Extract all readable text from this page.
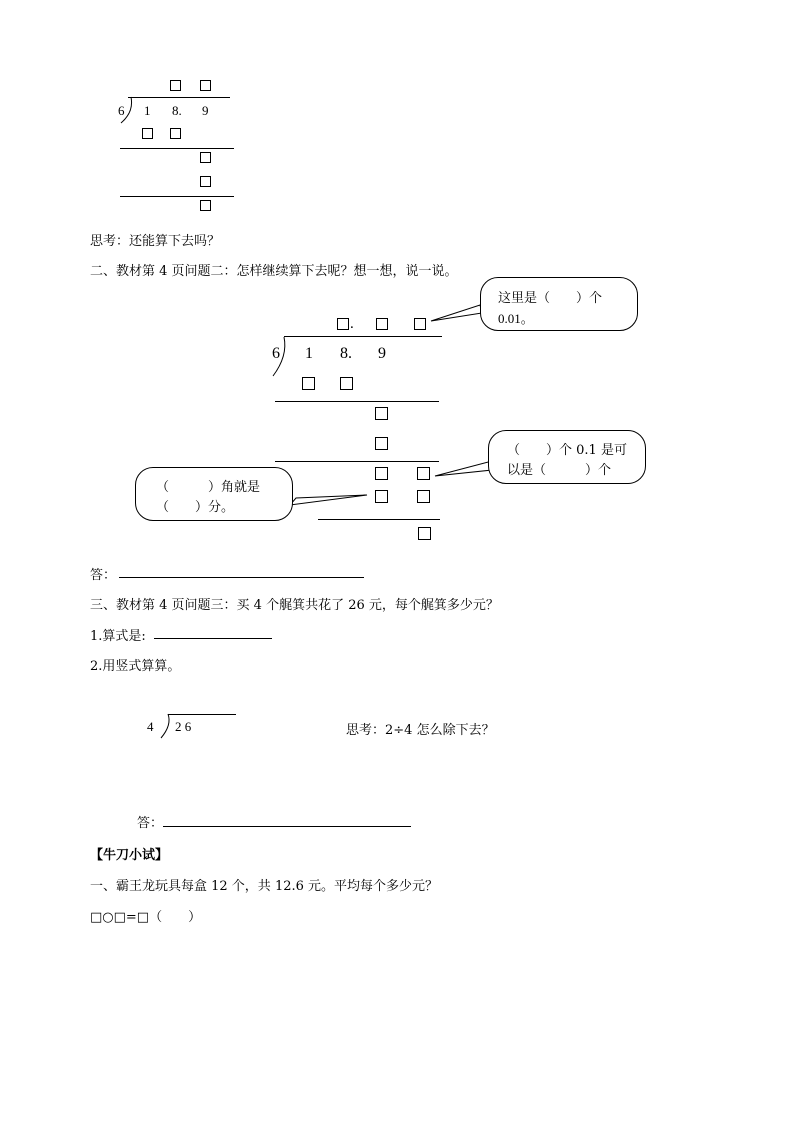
6 1 8. 9
思考：还能算下去吗？
二、教材第 4 页问题二：怎样继续算下去呢？想一想，说一说。
.
6 1 8. 9
这里是（　　）个
0.01。
（　　）个 0.1 是可
以是（　　　）个
（　　　）角就是
（　　）分。
答：
三、教材第 4 页问题三：买 4 个艉箕共花了 26 元，每个艉箕多少元？
1.算式是:
2.用竖式算算。
4 2 6	思考：2÷4 怎么除下去？
答：
【牛刀小试】
一、霸王龙玩具每盒 12 个，共 12.6 元。平均每个多少元？
□○□=□（　　）
